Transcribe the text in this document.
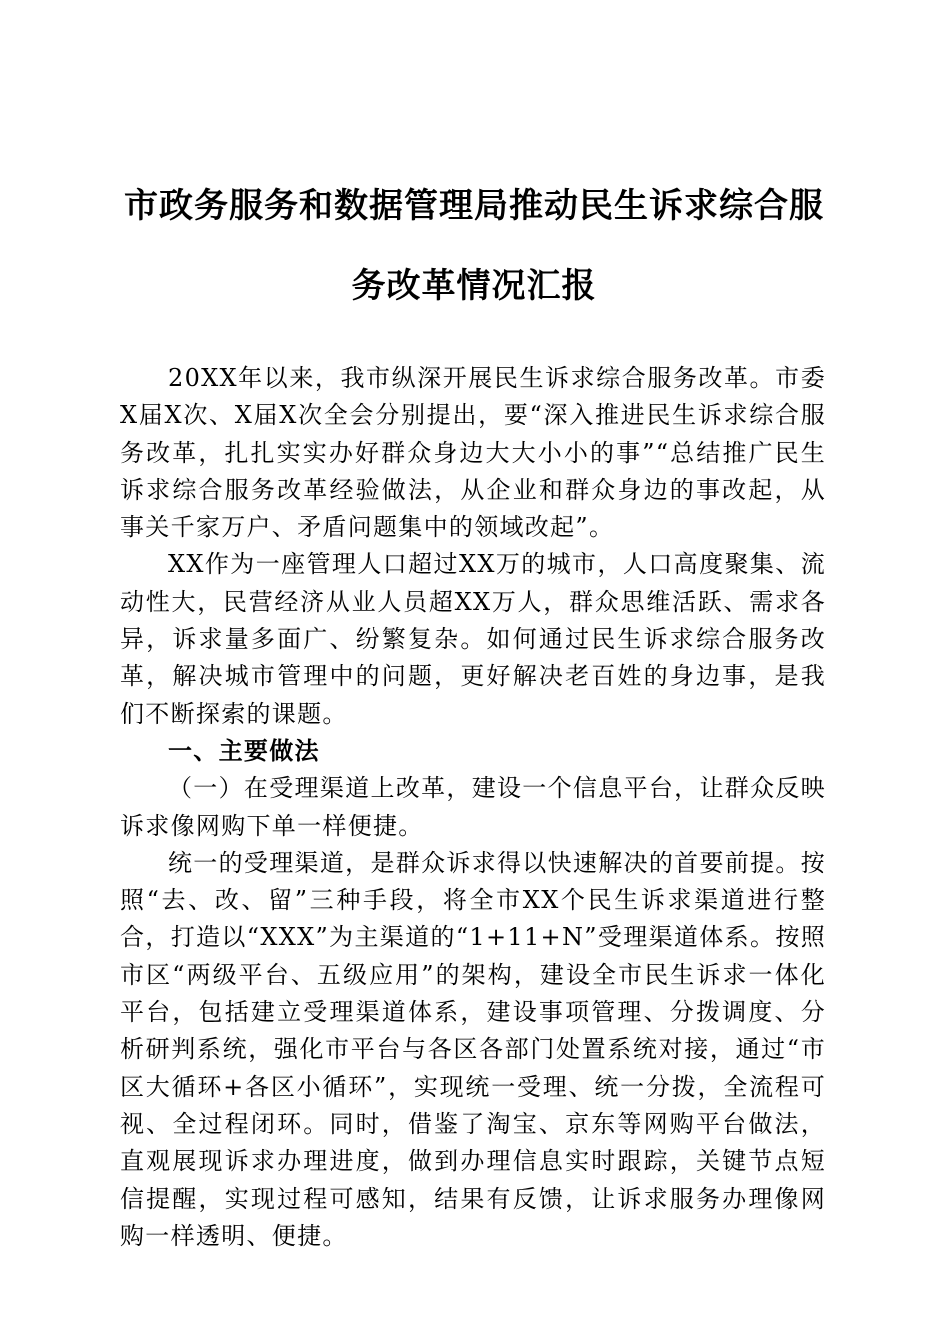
市政务服务和数据管理局推动民生诉求综合服务改革情况汇报

20XX年以来，我市纵深开展民生诉求综合服务改革。市委X届X次、X届X次全会分别提出，要“深入推进民生诉求综合服务改革，扎扎实实办好群众身边大大小小的事”“总结推广民生诉求综合服务改革经验做法，从企业和群众身边的事改起，从事关千家万户、矛盾问题集中的领域改起”。

XX作为一座管理人口超过XX万的城市，人口高度聚集、流动性大，民营经济从业人员超XX万人，群众思维活跃、需求各异，诉求量多面广、纷繁复杂。如何通过民生诉求综合服务改革，解决城市管理中的问题，更好解决老百姓的身边事，是我们不断探索的课题。

一、主要做法

（一）在受理渠道上改革，建设一个信息平台，让群众反映诉求像网购下单一样便捷。

统一的受理渠道，是群众诉求得以快速解决的首要前提。按照“去、改、留”三种手段，将全市XX个民生诉求渠道进行整合，打造以“XXX”为主渠道的“1+11+N”受理渠道体系。按照市区“两级平台、五级应用”的架构，建设全市民生诉求一体化平台，包括建立受理渠道体系，建设事项管理、分拨调度、分析研判系统，强化市平台与各区各部门处置系统对接，通过“市区大循环+各区小循环”，实现统一受理、统一分拨，全流程可视、全过程闭环。同时，借鉴了淘宝、京东等网购平台做法，直观展现诉求办理进度，做到办理信息实时跟踪，关键节点短信提醒，实现过程可感知，结果有反馈，让诉求服务办理像网购一样透明、便捷。
